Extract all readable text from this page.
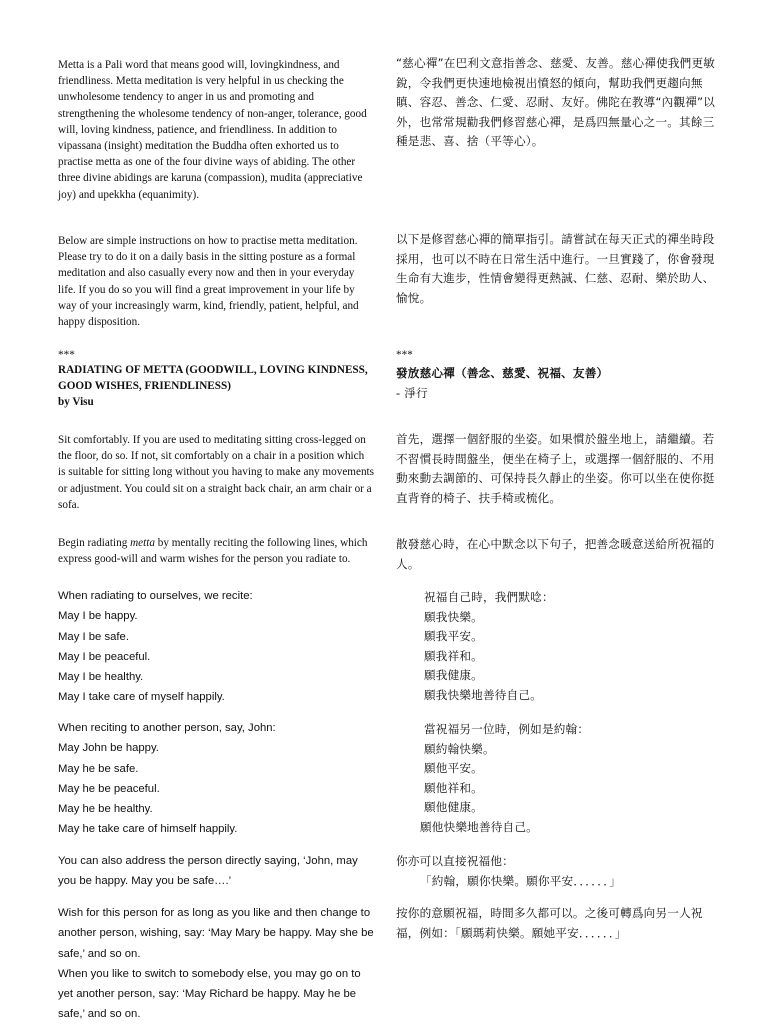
Metta is a Pali word that means good will, lovingkindness, and friendliness. Metta meditation is very helpful in us checking the unwholesome tendency to anger in us and promoting and strengthening the wholesome tendency of non-anger, tolerance, good will, loving kindness, patience, and friendliness. In addition to vipassana (insight) meditation the Buddha often exhorted us to practise metta as one of the four divine ways of abiding. The other three divine abidings are karuna (compassion), mudita (appreciative joy) and upekkha (equanimity).

Below are simple instructions on how to practise metta meditation. Please try to do it on a daily basis in the sitting posture as a formal meditation and also casually every now and then in your everyday life. If you do so you will find a great improvement in your life by way of your increasingly warm, kind, friendly, patient, helpful, and happy disposition.

***

RADIATING OF METTA (GOODWILL, LOVING KINDNESS, GOOD WISHES, FRIENDLINESS)
by Visu

Sit comfortably. If you are used to meditating sitting cross-legged on the floor, do so. If not, sit comfortably on a chair in a position which is suitable for sitting long without you having to make any movements or adjustment. You could sit on a straight back chair, an arm chair or a sofa.

Begin radiating metta by mentally reciting the following lines, which express good-will and warm wishes for the person you radiate to.

When radiating to ourselves, we recite:
May I be happy.
May I be safe.
May I be peaceful.
May I be healthy.
May I take care of myself happily.
When reciting to another person, say, John:
May John be happy.
May he be safe.
May he be peaceful.
May he be healthy.
May he take care of himself happily.

You can also address the person directly saying, ‘John, may you be happy. May you be safe….’

Wish for this person for as long as you like and then change to another person, wishing, say: ‘May Mary be happy. May she be safe,’ and so on.
When you like to switch to somebody else, you may go on to yet another person, say: ‘May Richard be happy. May he be safe,’ and so on.

“慈心禪”在巴利文意指善念、慈愛、友善。慈心禪使我們更敏銳，令我們更快速地檢視出憤怒的傾向，幫助我們更趨向無瞋、容忍、善念、仁愛、忍耐、友好。佛陀在教導“內觀禪”以外，也常常規勸我們修習慈心禪，是爲四無量心之一。其餘三種是悲、喜、捨（平等心）。

以下是修習慈心禪的簡單指引。請嘗試在每天正式的禪坐時段採用，也可以不時在日常生活中進行。一旦實踐了，你會發現生命有大進步，性情會變得更熱誠、仁慈、忍耐、樂於助人、愉悅。

***

發放慈心禪（善念、慈愛、祝福、友善）
- 淨行

首先，選擇一個舒服的坐姿。如果慣於盤坐地上，請繼續。若不習慣長時間盤坐，便坐在椅子上，或選擇一個舒服的、不用動來動去調節的、可保持長久靜止的坐姿。你可以坐在使你挺直背脊的椅子、扶手椅或梳化。

散發慈心時，在心中默念以下句子，把善念暖意送給所祝福的人。

祝福自己時，我們默唸：
願我快樂。
願我平安。
願我祥和。
願我健康。
願我快樂地善待自己。
當祝福另一位時，例如是約翰：
願約翰快樂。
願他平安。
願他祥和。
願他健康。
願他快樂地善待自己。
你亦可以直接祝福他：
「約翰，願你快樂。願你平安．．．．．．」

按你的意願祝福，時間多久都可以。之後可轉爲向另一人祝福，例如：「願瑪莉快樂。願她平安．．．．．．」
